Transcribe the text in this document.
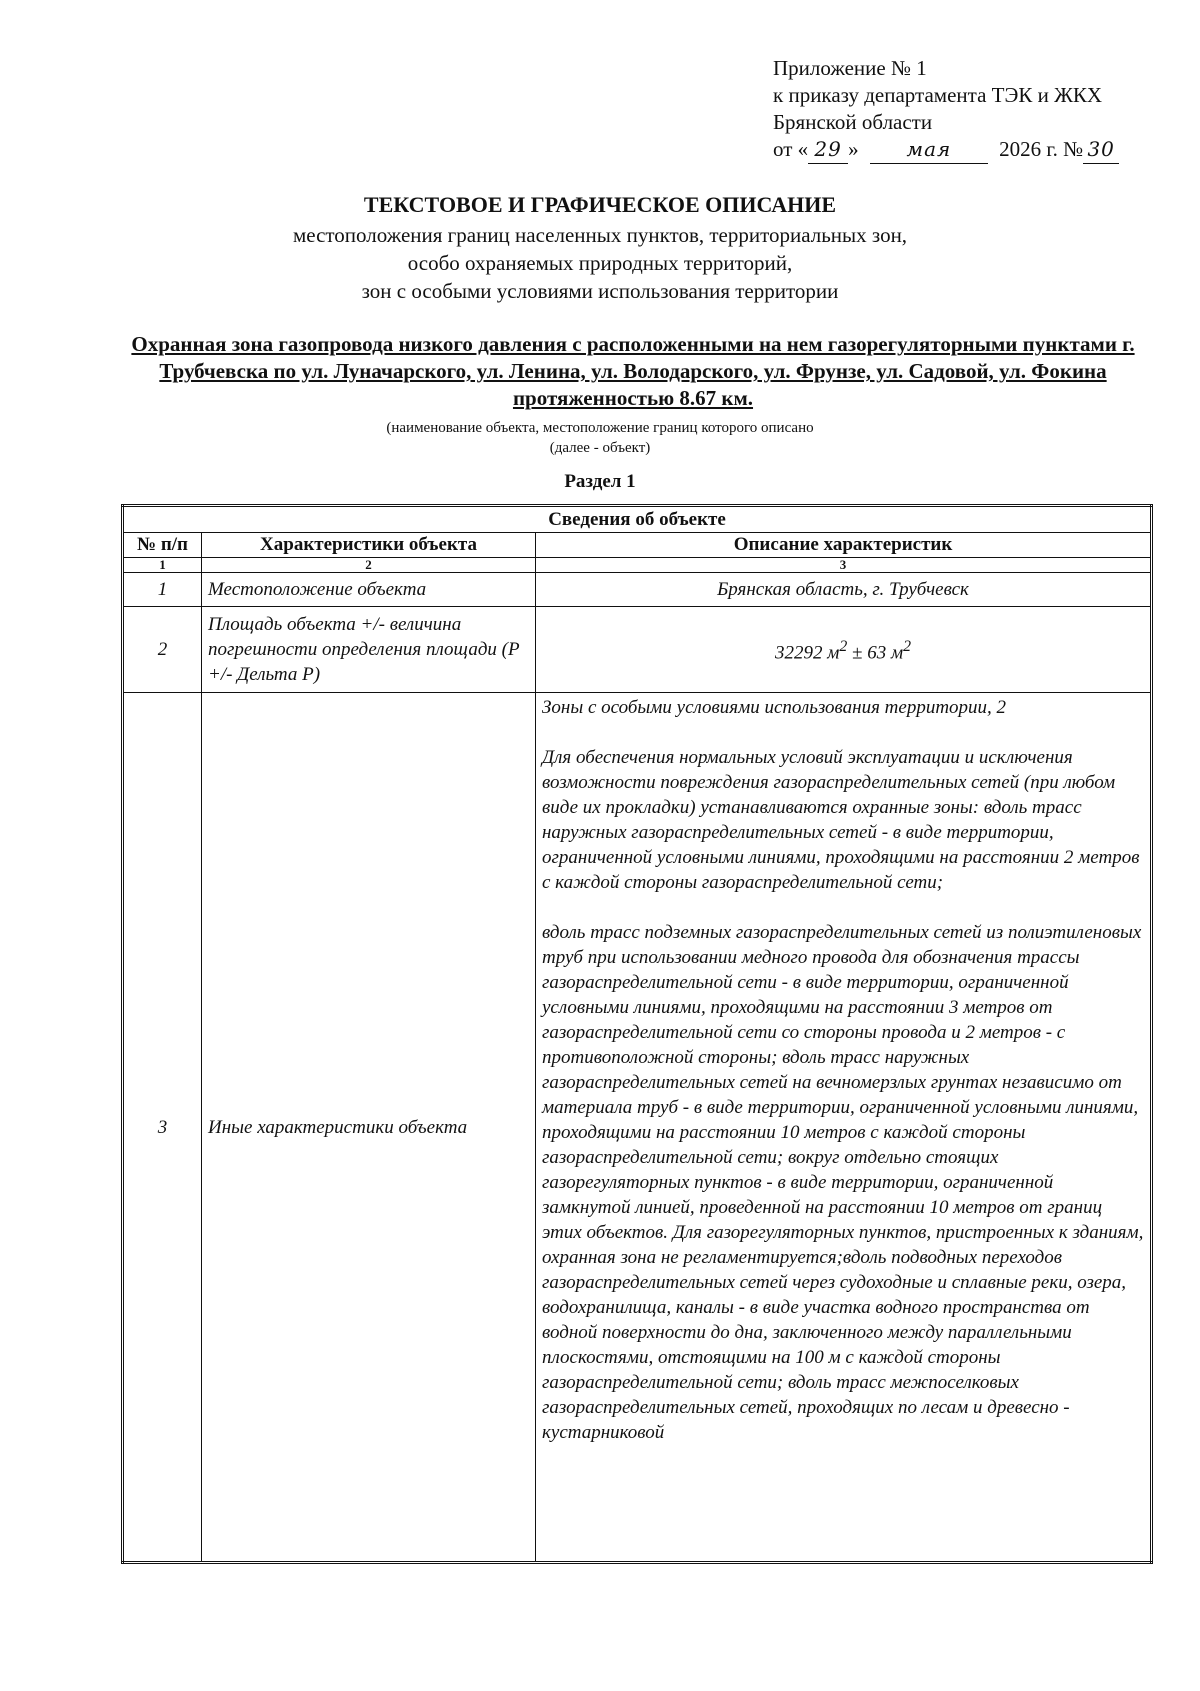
Приложение № 1
к приказу департамента ТЭК и ЖКХ
Брянской области
от « 29 » мая 2026 г. № 30
ТЕКСТОВОЕ И ГРАФИЧЕСКОЕ ОПИСАНИЕ
местоположения границ населенных пунктов, территориальных зон,
особо охраняемых природных территорий,
зон с особыми условиями использования территории
Охранная зона газопровода низкого давления с расположенными на нем газорегуляторными пунктами г. Трубчевска по ул. Луначарского, ул. Ленина, ул. Володарского, ул. Фрунзе, ул. Садовой, ул. Фокина протяженностью 8.67 км.
(наименование объекта, местоположение границ которого описано
(далее - объект)
Раздел 1
Сведения об объекте		
№ п/п	Характеристики объекта	Описание характеристик
1	2	3
1	Местоположение объекта	Брянская область, г. Трубчевск
2	Площадь объекта +/- величина погрешности определения площади (Р +/- Дельта Р)	32292 $м^2 \pm 63$ $м^2$
3	Иные характеристики объекта	Зоны с особыми условиями использования территории, 2

Для обеспечения нормальных условий эксплуатации и исключения возможности повреждения газораспределительных сетей (при любом виде их прокладки) устанавливаются охранные зоны: вдоль трасс наружных газораспределительных сетей - в виде территории, ограниченной условными линиями, проходящими на расстоянии 2 метров с каждой стороны газораспределительной сети;

вдоль трасс подземных газораспределительных сетей из полиэтиленовых труб при использовании медного провода для обозначения трассы газораспределительной сети - в виде территории, ограниченной условными линиями, проходящими на расстоянии 3 метров от газораспределительной сети со стороны провода и 2 метров - с противоположной стороны; вдоль трасс наружных газораспределительных сетей на вечномерзлых грунтах независимо от материала труб - в виде территории, ограниченной условными линиями, проходящими на расстоянии 10 метров с каждой стороны газораспределительной сети; вокруг отдельно стоящих газорегуляторных пунктов - в виде территории, ограниченной замкнутой линией, проведенной на расстоянии 10 метров от границ этих объектов. Для газорегуляторных пунктов, пристроенных к зданиям, охранная зона не регламентируется;вдоль подводных переходов газораспределительных сетей через судоходные и сплавные реки, озера, водохранилища, каналы - в виде участка водного пространства от водной поверхности до дна, заключенного между параллельными плоскостями, отстоящими на 100 м с каждой стороны газораспределительной сети; вдоль трасс межпоселковых газораспределительных сетей, проходящих по лесам и древесно - кустарниковой
